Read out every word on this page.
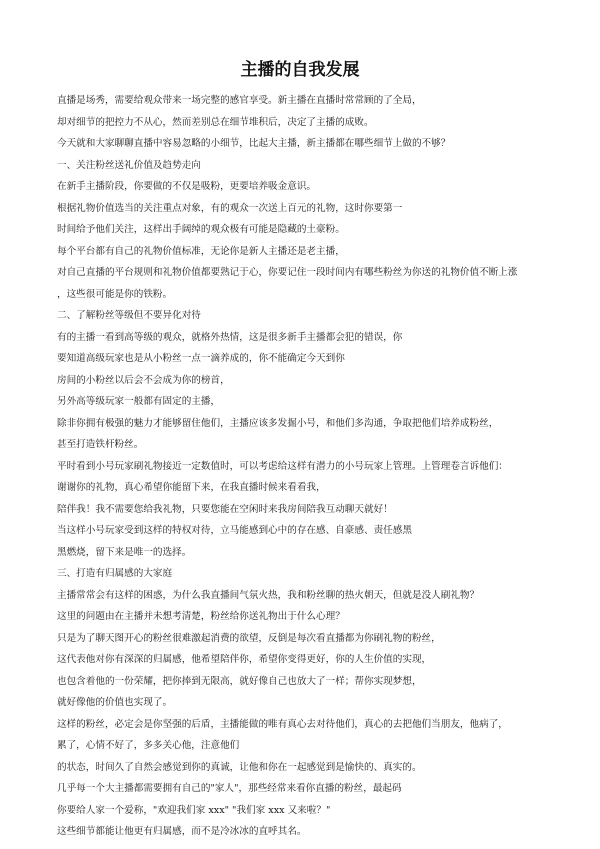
主播的自我发展
直播是场秀，需要给观众带来一场完整的感官享受。新主播在直播时常常顾的了全局，
却对细节的把控力不从心，然而差别总在细节堆积后，决定了主播的成败。
今天就和大家聊聊直播中容易忽略的小细节，比起大主播，新主播都在哪些细节上做的不够？
一、关注粉丝送礼价值及趋势走向
在新手主播阶段，你要做的不仅是吸粉，更要培养吸金意识。
根据礼物价值选当的关注重点对象，有的观众一次送上百元的礼物，这时你要第一
时间给予他们关注，这样出手阔绰的观众极有可能是隐藏的土豪粉。
每个平台都有自己的礼物价值标准，无论你是新人主播还是老主播，
对自己直播的平台规则和礼物价值都要熟记于心，你要记住一段时间内有哪些粉丝为你送的礼物价值不断上涨
，这些很可能是你的铁粉。
二、了解粉丝等级但不要异化对待
有的主播一看到高等级的观众，就格外热情，这是很多新手主播都会犯的错误，你
要知道高级玩家也是从小粉丝一点一滴养成的，你不能确定今天到你
房间的小粉丝以后会不会成为你的榜首，
另外高等级玩家一般都有固定的主播，
除非你拥有极强的魅力才能够留住他们，主播应该多发掘小号，和他们多沟通，争取把他们培养成粉丝，
甚至打造铁杆粉丝。
平时看到小号玩家刷礼物接近一定数值时，可以考虑给这样有潜力的小号玩家上管理。上管理卷言诉他们：
谢谢你的礼物，真心希望你能留下来，在我直播时候来看看我，
陪伴我！我不需要您给我礼物，只要您能在空闲时来我房间陪我互动聊天就好！
当这样小号玩家受到这样的特权对待，立马能感到心中的存在感、自豪感、责任感黑
黑燃烧，留下来是唯一的选择。
三、打造有归属感的大家庭
主播常常会有这样的困惑，为什么我直播间气氛火热，我和粉丝聊的热火朝天，但就是没人刷礼物？
这里的问题由在主播并未想考清楚，粉丝给你送礼物出于什么心理？
只是为了聊天图开心的粉丝很难激起消费的欲望，反倒是每次看直播都为你刷礼物的粉丝，
这代表他对你有深深的归属感，他希望陪伴你，希望你变得更好，你的人生价值的实现，
也包含着他的一份荣耀，把你捧到无限高，就好像自己也放大了一样；帮你实现梦想，
就好像他的价值也实现了。
这样的粉丝，必定会是你坚强的后盾，主播能做的唯有真心去对待他们，真心的去把他们当朋友，他病了，
累了，心情不好了，多多关心他，注意他们
的状态，时间久了自然会感觉到你的真诚，让他和你在一起感觉到是愉快的、真实的。
几乎每一个大主播都需要拥有自己的"家人"，那些经常来看你直播的粉丝，最起码
你要给人家一个爱称，"欢迎我们家 xxx" "我们家 xxx 又来啦？"
这些细节都能让他更有归属感，而不是冷冰冰的直呼其名。
